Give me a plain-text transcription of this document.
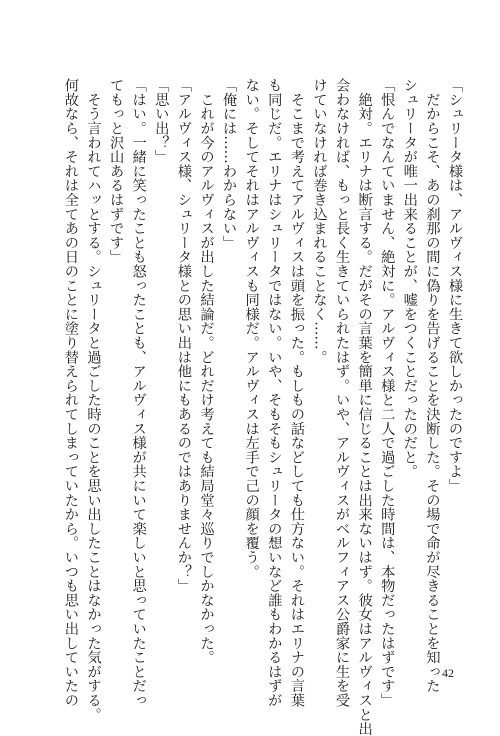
「シュリータ様は、アルヴィス様に生きて欲しかったのですよ」
　だからこそ、あの刹那の間に偽りを告げることを決断した。その場で命が尽きることを知った
シュリータが唯一出来ることが、嘘をつくことだったのだと。
「恨んでなんていません、絶対に。アルヴィス様と二人で過ごした時間は、本物だったはずです」
　絶対。エリナは断言する。だがその言葉を簡単に信じることは出来ないはず。彼女はアルヴィスと出
会わなければ、もっと長く生きていられたはず。いや、アルヴィスがベルフィアス公爵家に生を受
けていなければ巻き込まれることなく……。
　そこまで考えてアルヴィスは頭を振った。もしもの話などしても仕方ない。それはエリナの言葉
も同じだ。エリナはシュリータではない。いや、そもそもシュリータの想いなど誰もわかるはずが
ない。そしてそれはアルヴィスも同様だ。アルヴィスは左手で己の顔を覆う。
「俺には……わからない」
　これが今のアルヴィスが出した結論だ。どれだけ考えても結局堂々巡りでしかなかった。
「アルヴィス様、シュリータ様との思い出は他にもあるのではありませんか？」
「思い出？」
「はい。一緒に笑ったことも怒ったことも、アルヴィス様が共にいて楽しいと思っていたことだっ
てもっと沢山あるはずです」
　そう言われてハッとする。シュリータと過ごした時のことを思い出したことはなかった気がする。
何故なら、それは全てあの日のことに塗り替えられてしまっていたから。いつも思い出していたの	42
